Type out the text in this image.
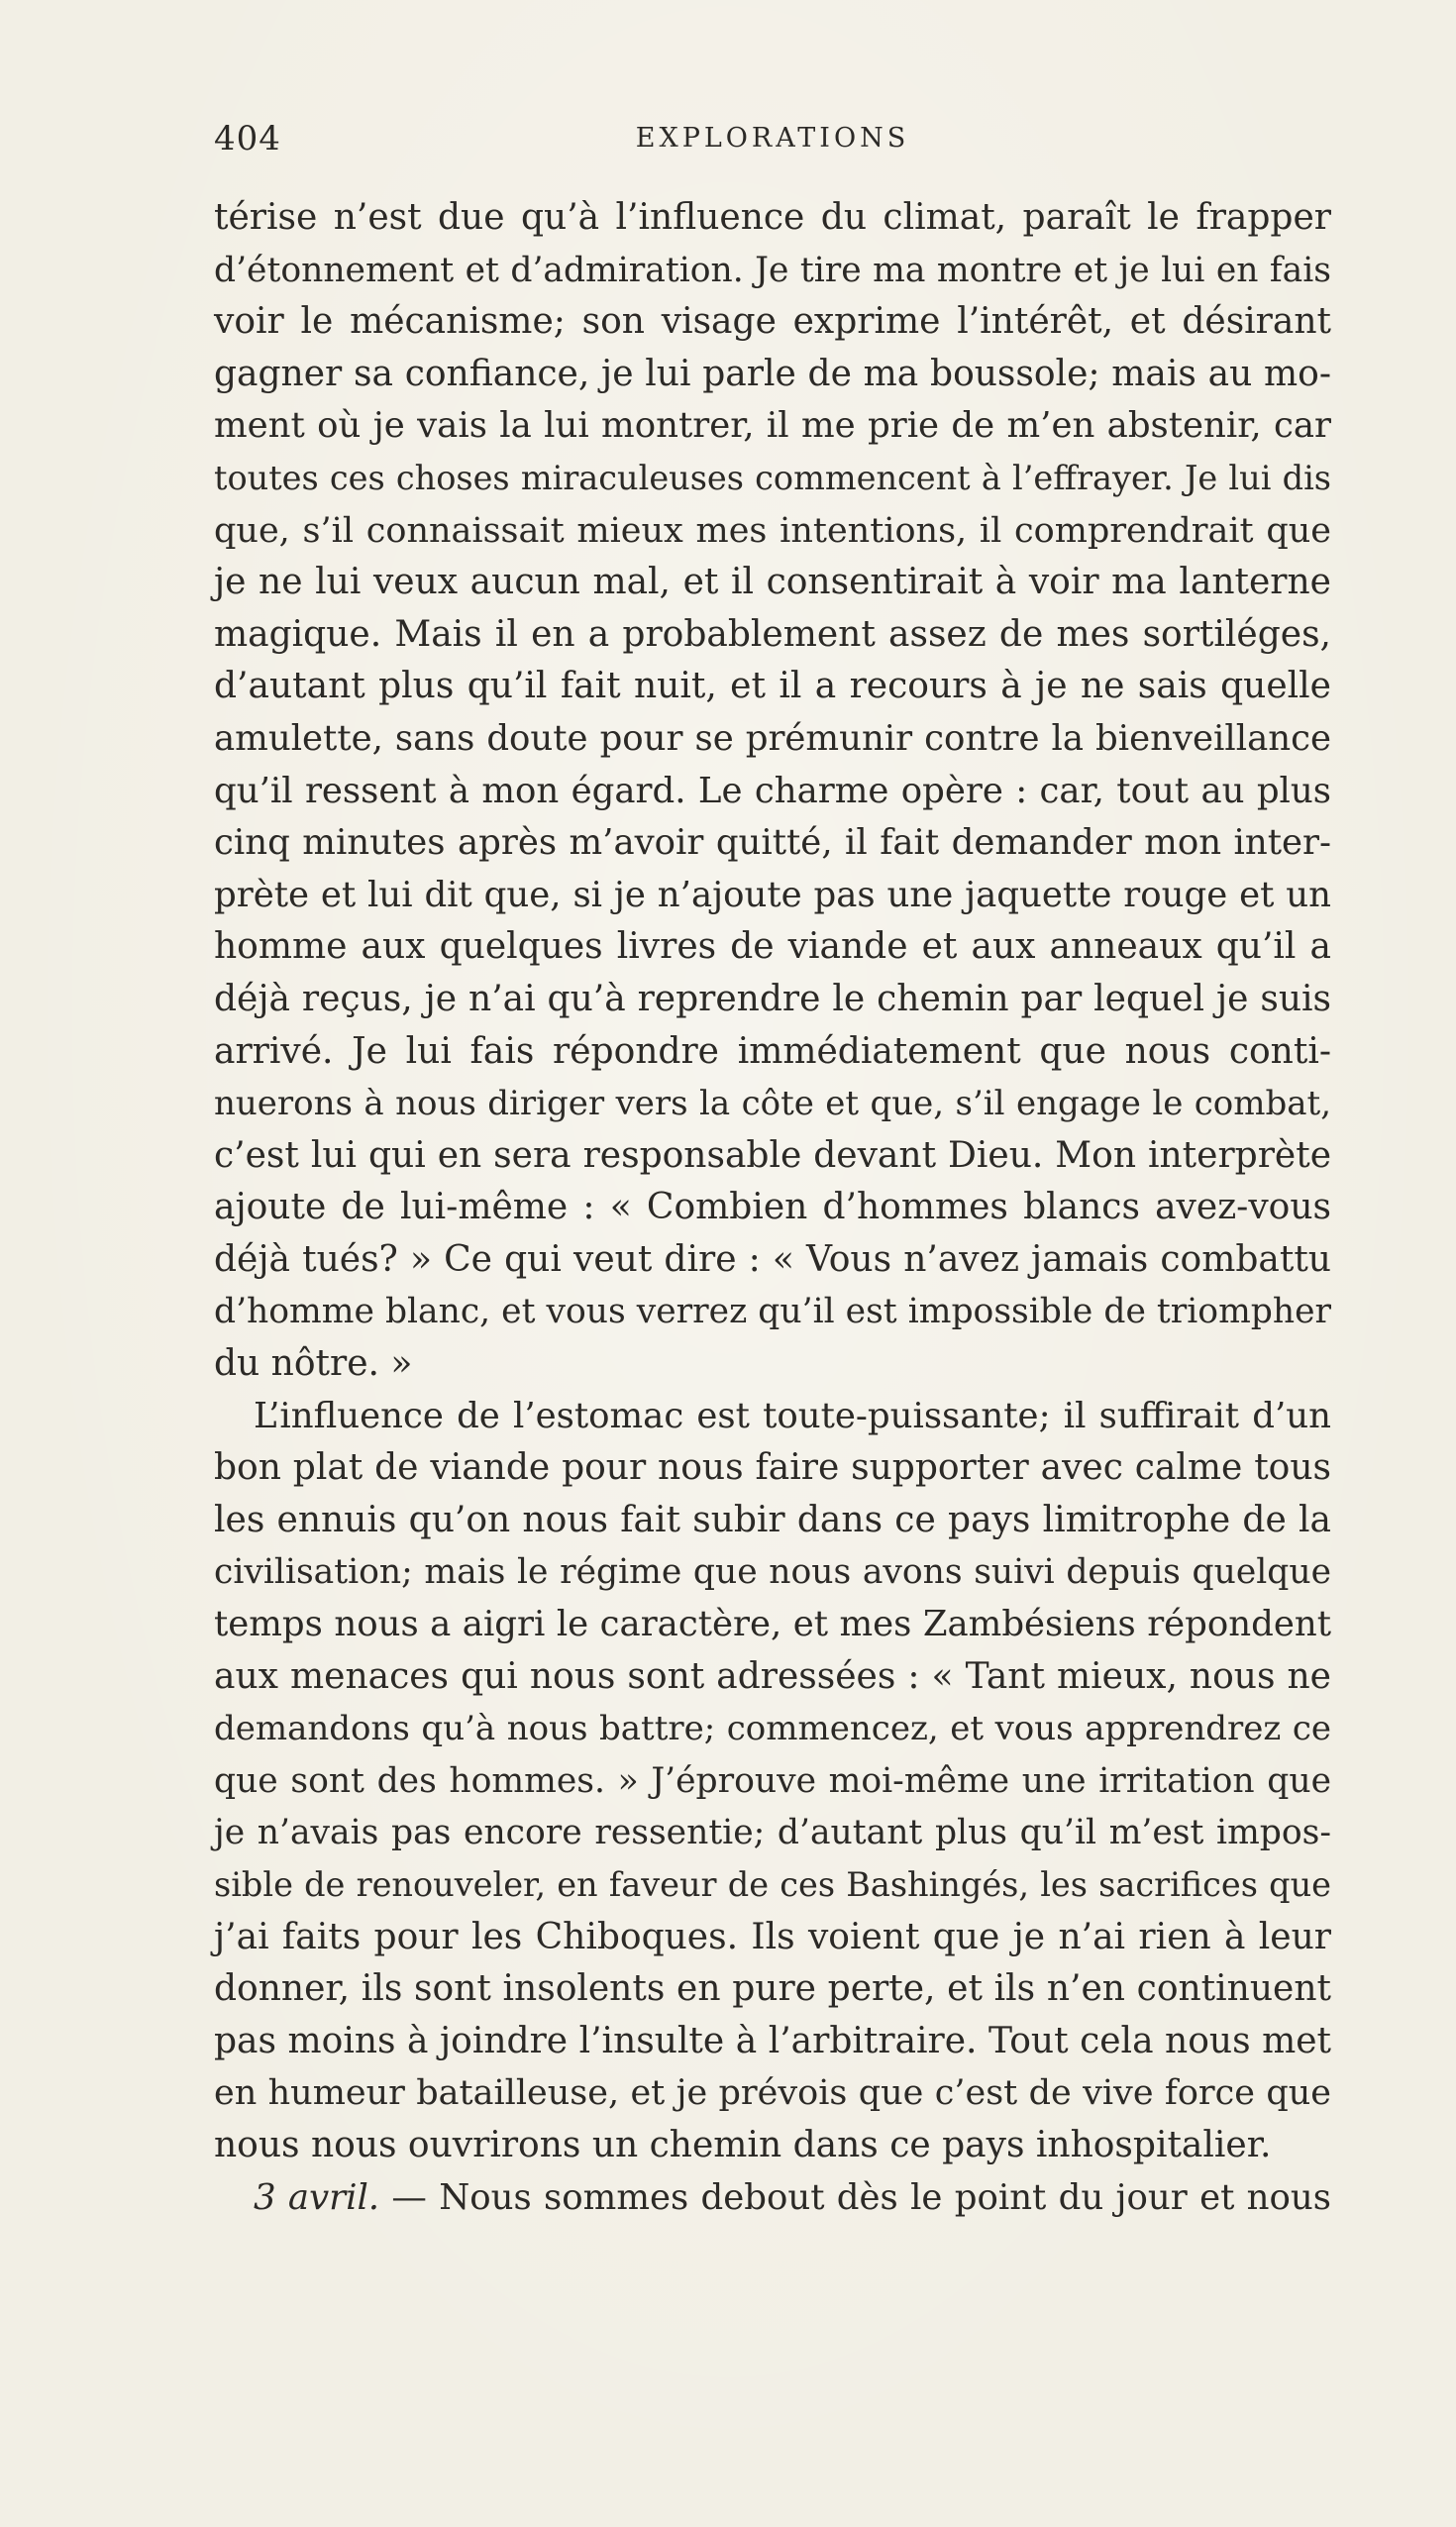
404	EXPLORATIONS
térise n’est due qu’à l’influence du climat, paraît le frapper
d’étonnement et d’admiration. Je tire ma montre et je lui en fais
voir le mécanisme; son visage exprime l’intérêt, et désirant
gagner sa confiance, je lui parle de ma boussole; mais au mo-
ment où je vais la lui montrer, il me prie de m’en abstenir, car
toutes ces choses miraculeuses commencent à l’effrayer. Je lui dis
que, s’il connaissait mieux mes intentions, il comprendrait que
je ne lui veux aucun mal, et il consentirait à voir ma lanterne
magique. Mais il en a probablement assez de mes sortiléges,
d’autant plus qu’il fait nuit, et il a recours à je ne sais quelle
amulette, sans doute pour se prémunir contre la bienveillance
qu’il ressent à mon égard. Le charme opère : car, tout au plus
cinq minutes après m’avoir quitté, il fait demander mon inter-
prète et lui dit que, si je n’ajoute pas une jaquette rouge et un
homme aux quelques livres de viande et aux anneaux qu’il a
déjà reçus, je n’ai qu’à reprendre le chemin par lequel je suis
arrivé. Je lui fais répondre immédiatement que nous conti-
nuerons à nous diriger vers la côte et que, s’il engage le combat,
c’est lui qui en sera responsable devant Dieu. Mon interprète
ajoute de lui-même : « Combien d’hommes blancs avez-vous
déjà tués? » Ce qui veut dire : « Vous n’avez jamais combattu
d’homme blanc, et vous verrez qu’il est impossible de triompher
du nôtre. »
L’influence de l’estomac est toute-puissante; il suffirait d’un
bon plat de viande pour nous faire supporter avec calme tous
les ennuis qu’on nous fait subir dans ce pays limitrophe de la
civilisation; mais le régime que nous avons suivi depuis quelque
temps nous a aigri le caractère, et mes Zambésiens répondent
aux menaces qui nous sont adressées : « Tant mieux, nous ne
demandons qu’à nous battre; commencez, et vous apprendrez ce
que sont des hommes. » J’éprouve moi-même une irritation que
je n’avais pas encore ressentie; d’autant plus qu’il m’est impos-
sible de renouveler, en faveur de ces Bashingés, les sacrifices que
j’ai faits pour les Chiboques. Ils voient que je n’ai rien à leur
donner, ils sont insolents en pure perte, et ils n’en continuent
pas moins à joindre l’insulte à l’arbitraire. Tout cela nous met
en humeur batailleuse, et je prévois que c’est de vive force que
nous nous ouvrirons un chemin dans ce pays inhospitalier.
3 avril. — Nous sommes debout dès le point du jour et nous
